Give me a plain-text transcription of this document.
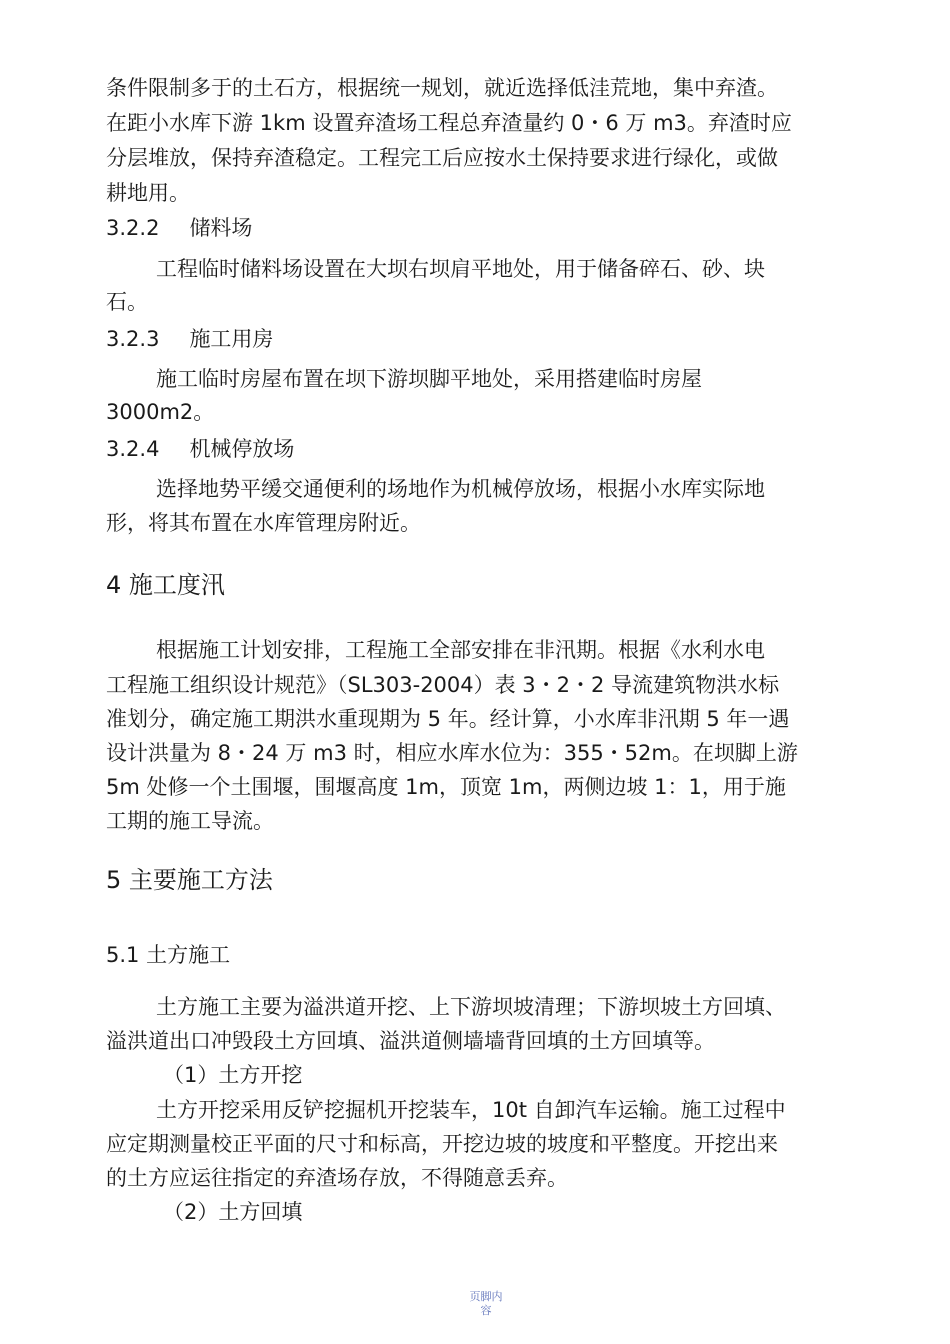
条件限制多于的土石方，根据统一规划，就近选择低洼荒地，集中弃渣。
在距小水库下游 1km 设置弃渣场工程总弃渣量约 0・6 万 m3。弃渣时应
分层堆放，保持弃渣稳定。工程完工后应按水土保持要求进行绿化，或做
耕地用。
3.2.2 储料场
工程临时储料场设置在大坝右坝肩平地处，用于储备碎石、砂、块
石。
3.2.3 施工用房
施工临时房屋布置在坝下游坝脚平地处，采用搭建临时房屋
3000m2。
3.2.4 机械停放场
选择地势平缓交通便利的场地作为机械停放场，根据小水库实际地
形，将其布置在水库管理房附近。
4 施工度汛
根据施工计划安排，工程施工全部安排在非汛期。根据《水利水电
工程施工组织设计规范》（SL303-2004）表 3・2・2 导流建筑物洪水标
准划分，确定施工期洪水重现期为 5 年。经计算，小水库非汛期 5 年一遇
设计洪量为 8・24 万 m3 时，相应水库水位为：355・52m。在坝脚上游
5m 处修一个土围堰，围堰高度 1m，顶宽 1m，两侧边坡 1：1，用于施
工期的施工导流。
5 主要施工方法
5.1 土方施工
土方施工主要为溢洪道开挖、上下游坝坡清理；下游坝坡土方回填、
溢洪道出口冲毁段土方回填、溢洪道侧墙墙背回填的土方回填等。
（1）土方开挖
土方开挖采用反铲挖掘机开挖装车，10t 自卸汽车运输。施工过程中
应定期测量校正平面的尺寸和标高，开挖边坡的坡度和平整度。开挖出来
的土方应运往指定的弃渣场存放，不得随意丢弃。
（2）土方回填
页脚内
容
